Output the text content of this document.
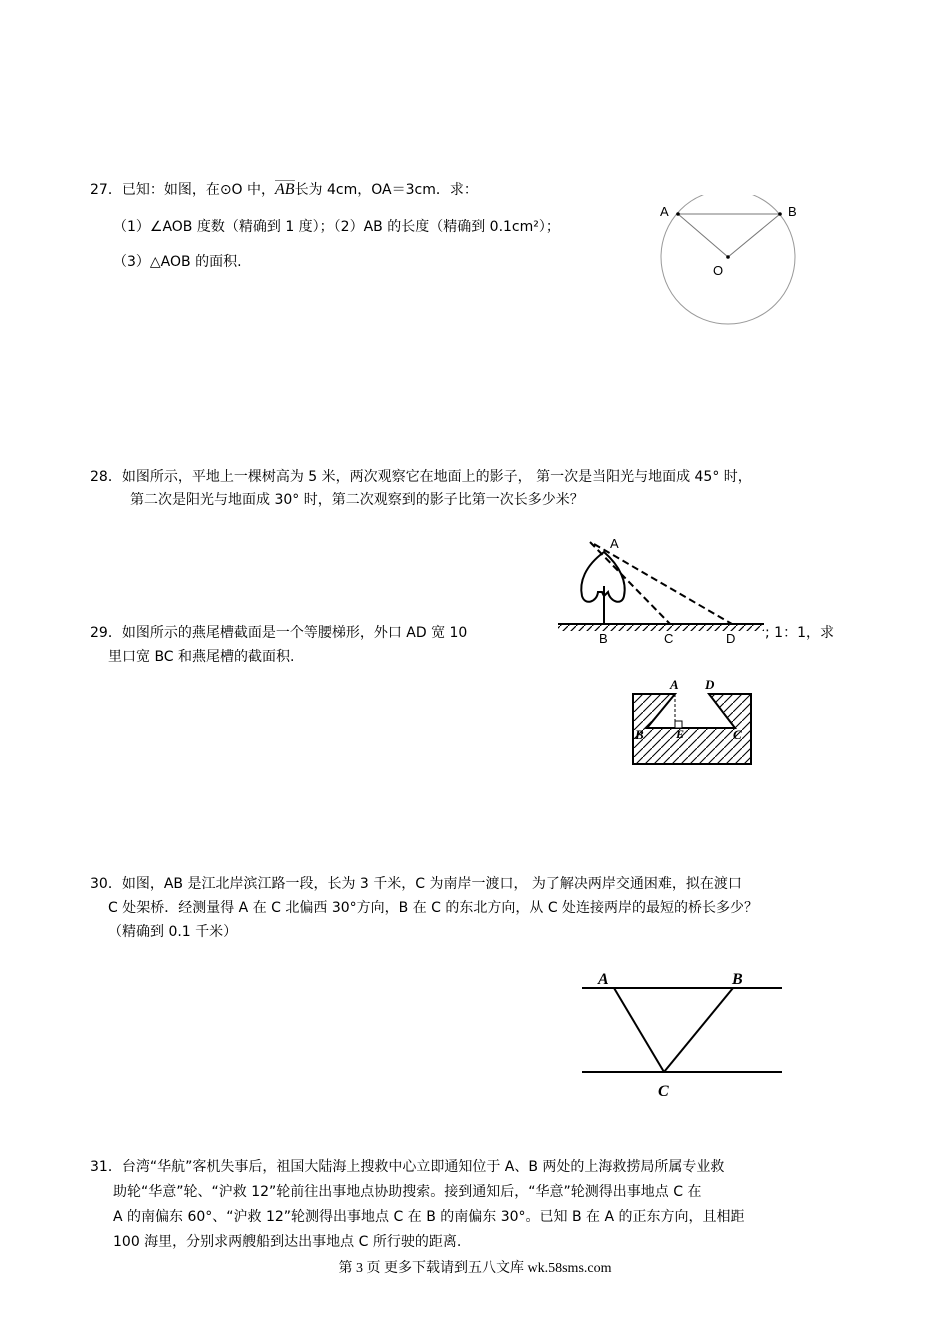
27．已知：如图，在⊙O 中，AB长为 4cm，OA＝3cm．求：
（1）∠AOB 度数（精确到 1 度）；（2）AB 的长度（精确到 0.1cm²）；
（3）△AOB 的面积.
A	B
O
28．如图所示，平地上一棵树高为 5 米，两次观察它在地面上的影子， 第一次是当阳光与地面成 45° 时，
第二次是阳光与地面成 30° 时，第二次观察到的影子比第一次长多少米？
29．如图所示的燕尾槽截面是一个等腰梯形，外口 AD 宽 10	; 1：1，求
里口宽 BC 和燕尾槽的截面积.
A
B	C	D
A D
B	E	C
30．如图，AB 是江北岸滨江路一段，长为 3 千米，C 为南岸一渡口， 为了解决两岸交通困难，拟在渡口
C 处架桥．经测量得 A 在 C 北偏西 30°方向，B 在 C 的东北方向，从 C 处连接两岸的最短的桥长多少？
（精确到 0.1 千米）
A	B
C
31．台湾“华航”客机失事后，祖国大陆海上搜救中心立即通知位于 A、B 两处的上海救捞局所属专业救
助轮“华意”轮、“沪救 12”轮前往出事地点协助搜索。接到通知后，“华意”轮测得出事地点 C 在
A 的南偏东 60°、“沪救 12”轮测得出事地点 C 在 B 的南偏东 30°。已知 B 在 A 的正东方向，且相距
100 海里，分别求两艘船到达出事地点 C 所行驶的距离.
第 3 页 更多下载请到五八文库 wk.58sms.com
